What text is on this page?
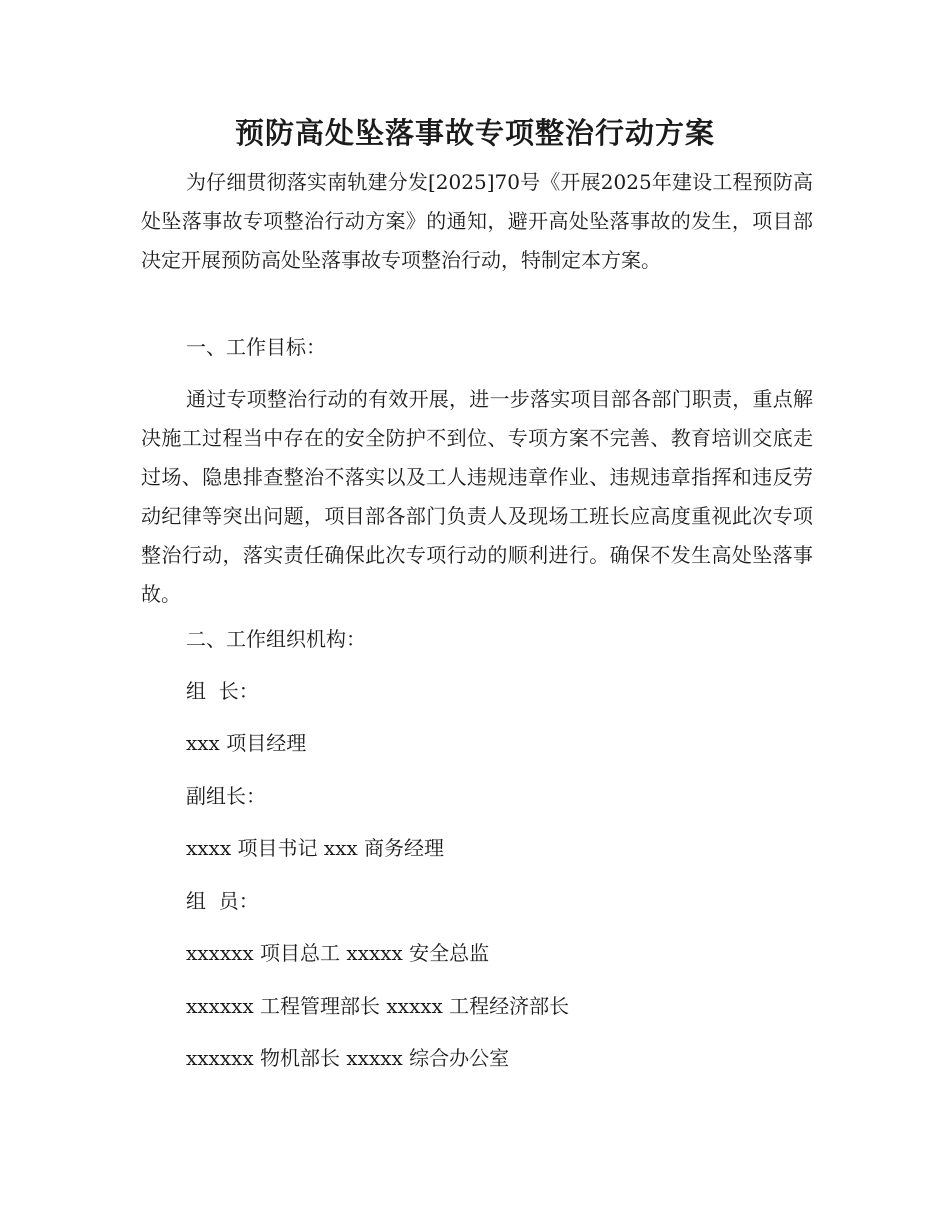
预防高处坠落事故专项整治行动方案

为仔细贯彻落实南轨建分发[2025]70号《开展2025年建设工程预防高处坠落事故专项整治行动方案》的通知，避开高处坠落事故的发生，项目部决定开展预防高处坠落事故专项整治行动，特制定本方案。

一、工作目标：

通过专项整治行动的有效开展，进一步落实项目部各部门职责，重点解决施工过程当中存在的安全防护不到位、专项方案不完善、教育培训交底走过场、隐患排查整治不落实以及工人违规违章作业、违规违章指挥和违反劳动纪律等突出问题，项目部各部门负责人及现场工班长应高度重视此次专项整治行动，落实责任确保此次专项行动的顺利进行。确保不发生高处坠落事故。

二、工作组织机构：

组  长：

xxx 项目经理

副组长：

xxxx 项目书记 xxx 商务经理

组  员：

xxxxxx 项目总工 xxxxx 安全总监

xxxxxx 工程管理部长 xxxxx 工程经济部长

xxxxxx 物机部长 xxxxx 综合办公室
